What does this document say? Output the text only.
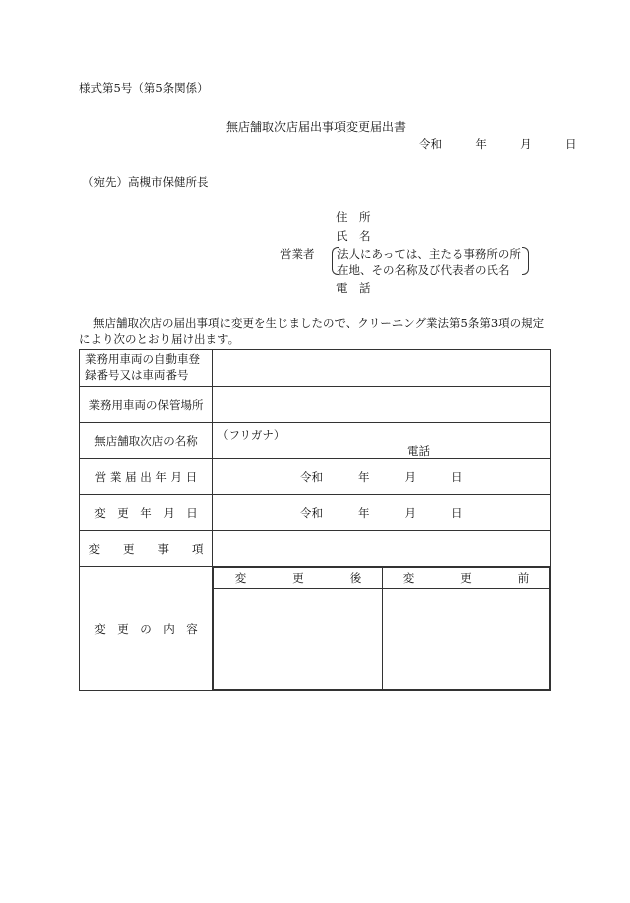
様式第5号（第5条関係）
無店舗取次店届出事項変更届出書
令和	年	月	日
（宛先）高槻市保健所長
住　所
氏　名
営業者 法人にあっては、主たる事務所の所
在地、その名称及び代表者の氏名
電　話
無店舗取次店の届出事項に変更を生じましたので、クリーニング業法第5条第3項の規定
により次のとおり届け出ます。
業務用車両の自動車登
録番号又は車両番号

業務用車両の保管場所	
無店舗取次店の名称	（フリガナ）
電話

営 業 届 出 年 月 日	令和	年	月	日

変　更　年　月　日	令和	年	月	日

変　　更　　事　　項	
変　更　の　内　容	
変　　　　更　　　　後	変　　　　更　　　　前
